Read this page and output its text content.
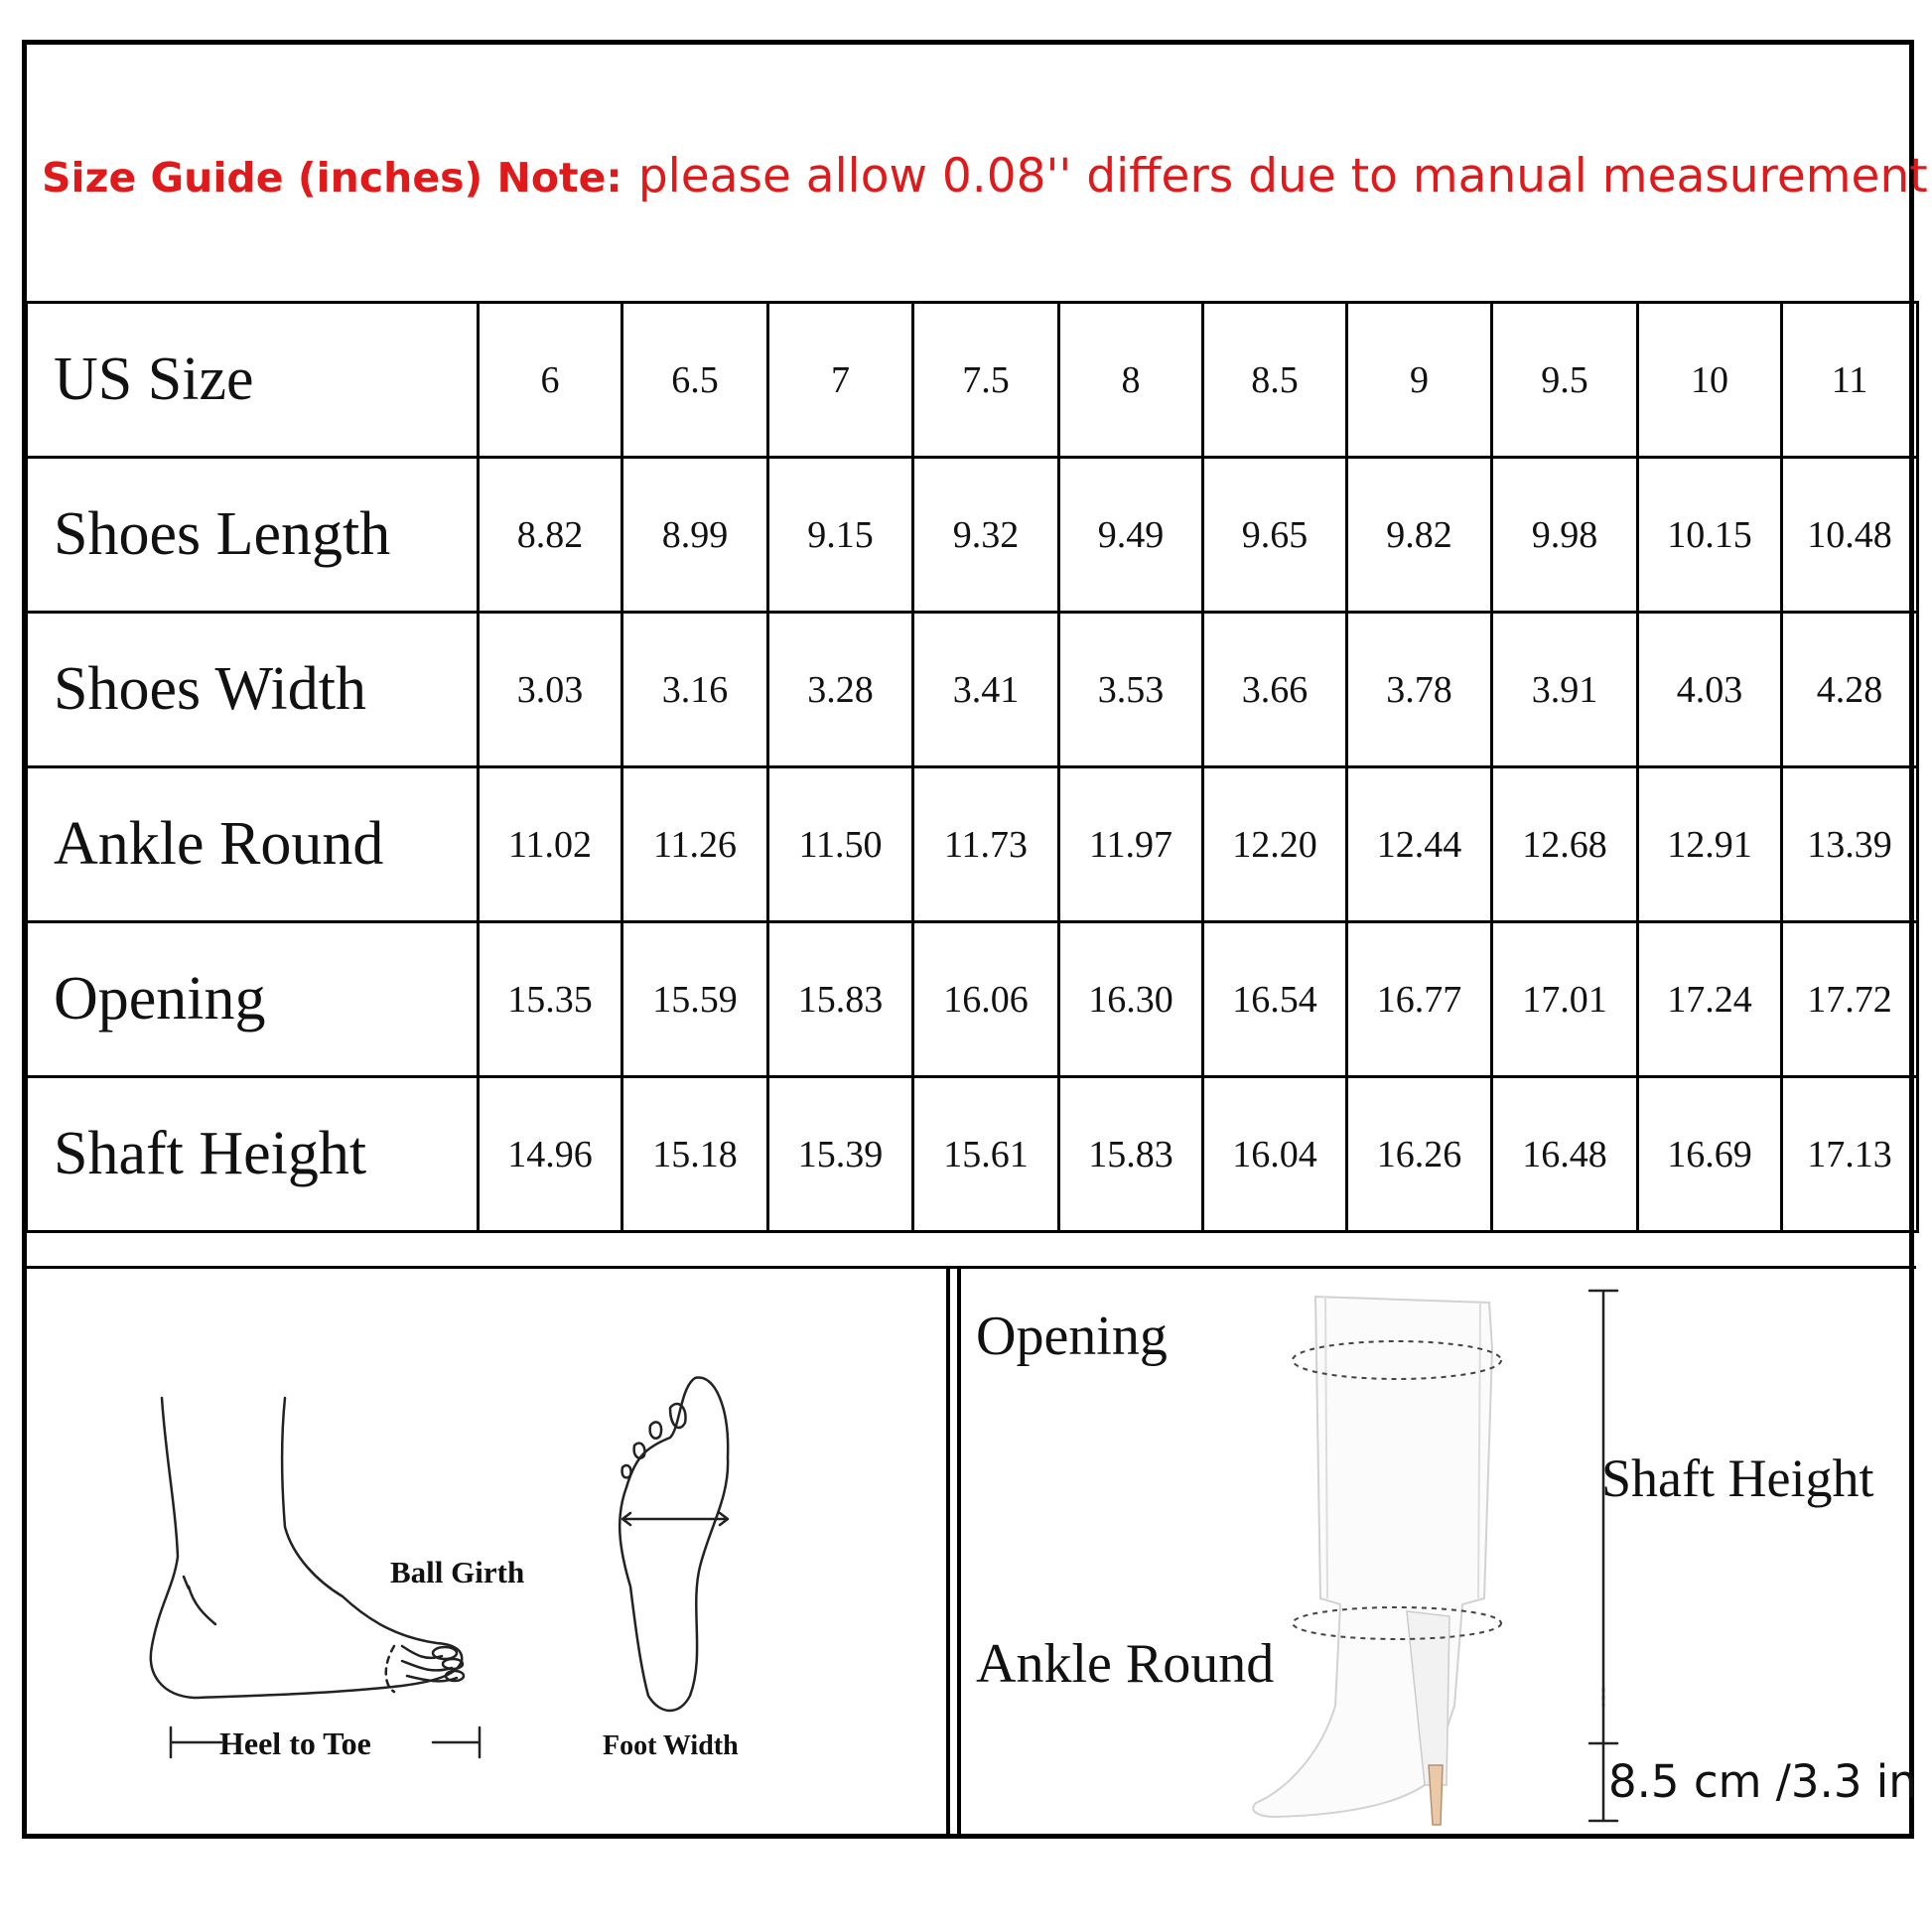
Size Guide (inches) Note: please allow 0.08'' differs due to manual measurement
US Size	6	6.5	7	7.5	8	8.5	9	9.5	10	11
Shoes Length	8.82	8.99	9.15	9.32	9.49	9.65	9.82	9.98	10.15	10.48
Shoes Width	3.03	3.16	3.28	3.41	3.53	3.66	3.78	3.91	4.03	4.28
Ankle Round	11.02	11.26	11.50	11.73	11.97	12.20	12.44	12.68	12.91	13.39
Opening	15.35	15.59	15.83	16.06	16.30	16.54	16.77	17.01	17.24	17.72
Shaft Height	14.96	15.18	15.39	15.61	15.83	16.04	16.26	16.48	16.69	17.13
Ball Girth
Heel to Toe	Foot Width
Opening
Ankle Round
Shaft Height
8.5 cm /3.3 in
